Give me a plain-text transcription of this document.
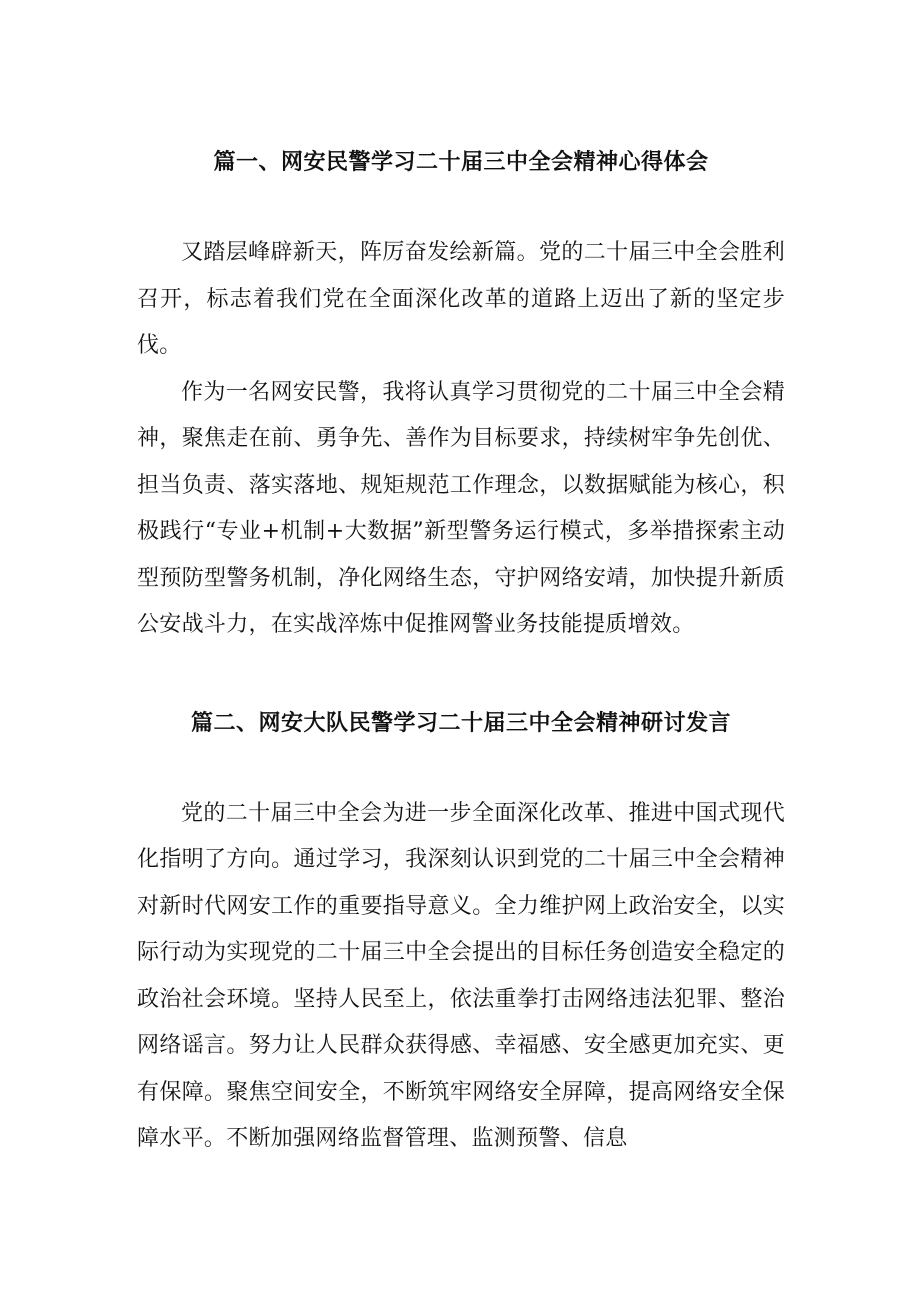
篇一、网安民警学习二十届三中全会精神心得体会

又踏层峰辟新天，阵厉奋发绘新篇。党的二十届三中全会胜利召开，标志着我们党在全面深化改革的道路上迈出了新的坚定步伐。

作为一名网安民警，我将认真学习贯彻党的二十届三中全会精神，聚焦走在前、勇争先、善作为目标要求，持续树牢争先创优、担当负责、落实落地、规矩规范工作理念，以数据赋能为核心，积极践行“专业+机制+大数据”新型警务运行模式，多举措探索主动型预防型警务机制，净化网络生态，守护网络安靖，加快提升新质公安战斗力，在实战淬炼中促推网警业务技能提质增效。

篇二、网安大队民警学习二十届三中全会精神研讨发言

党的二十届三中全会为进一步全面深化改革、推进中国式现代化指明了方向。通过学习，我深刻认识到党的二十届三中全会精神对新时代网安工作的重要指导意义。全力维护网上政治安全，以实际行动为实现党的二十届三中全会提出的目标任务创造安全稳定的政治社会环境。坚持人民至上，依法重拳打击网络违法犯罪、整治网络谣言。努力让人民群众获得感、幸福感、安全感更加充实、更有保障。聚焦空间安全，不断筑牢网络安全屏障，提高网络安全保障水平。不断加强网络监督管理、监测预警、信息
